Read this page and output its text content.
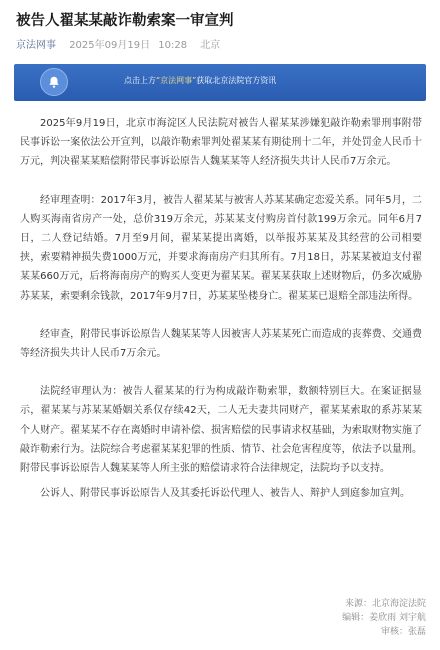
被告人翟某某敲诈勒索案一审宣判
京法网事 2025年09月19日 10:28 北京
点击上方“京法网事”获取北京法院官方资讯

2025年9月19日，北京市海淀区人民法院对被告人翟某某涉嫌犯敲诈勒索罪刑事附带民事诉讼一案依法公开宣判，以敲诈勒索罪判处翟某某有期徒刑十二年，并处罚金人民币十万元，判决翟某某赔偿附带民事诉讼原告人魏某某等人经济损失共计人民币7万余元。

经审理查明：2017年3月，被告人翟某某与被害人苏某某确定恋爱关系。同年5月，二人购买海南省房产一处，总价319万余元，苏某某支付购房首付款199万余元。同年6月7日，二人登记结婚。7月至9月间，翟某某提出离婚，以举报苏某某及其经营的公司相要挟，索要精神损失费1000万元，并要求海南房产归其所有。7月18日，苏某某被迫支付翟某某660万元，后将海南房产的购买人变更为翟某某。翟某某获取上述财物后，仍多次威胁苏某某，索要剩余钱款，2017年9月7日，苏某某坠楼身亡。翟某某已退赔全部违法所得。

经审查，附带民事诉讼原告人魏某某等人因被害人苏某某死亡而造成的丧葬费、交通费等经济损失共计人民币7万余元。

法院经审理认为：被告人翟某某的行为构成敲诈勒索罪，数额特别巨大。在案证据显示，翟某某与苏某某婚姻关系仅存续42天，二人无夫妻共同财产，翟某某索取的系苏某某个人财产。翟某某不存在离婚时申请补偿、损害赔偿的民事请求权基础，为索取财物实施了敲诈勒索行为。法院综合考虑翟某某犯罪的性质、情节、社会危害程度等，依法予以量刑。附带民事诉讼原告人魏某某等人所主张的赔偿请求符合法律规定，法院均予以支持。

公诉人、附带民事诉讼原告人及其委托诉讼代理人、被告人、辩护人到庭参加宣判。

来源：北京海淀法院
编辑：姜欣雨 刘宇航
审核：张磊
